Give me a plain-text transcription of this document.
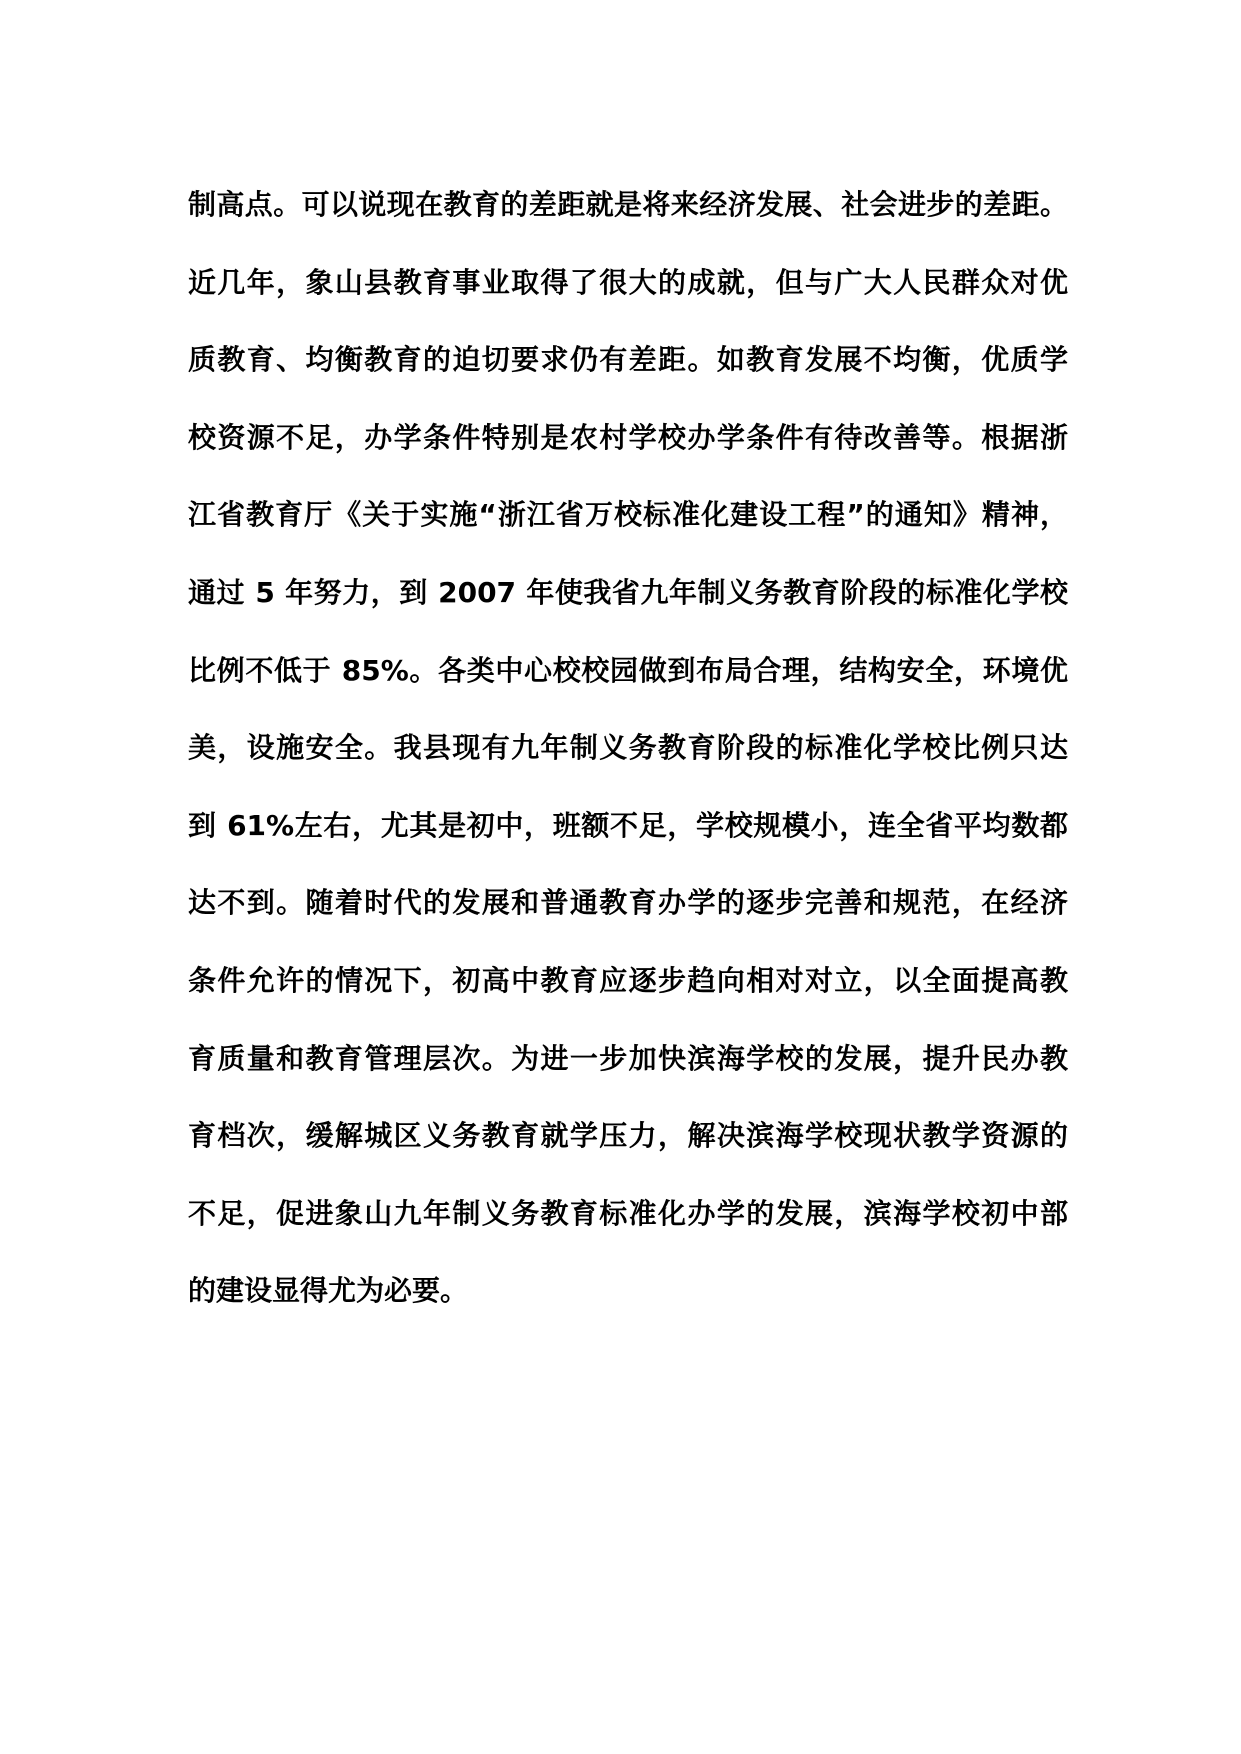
制高点。可以说现在教育的差距就是将来经济发展、社会进步的差距。
近几年，象山县教育事业取得了很大的成就，但与广大人民群众对优
质教育、均衡教育的迫切要求仍有差距。如教育发展不均衡，优质学
校资源不足，办学条件特别是农村学校办学条件有待改善等。根据浙
江省教育厅《关于实施“浙江省万校标准化建设工程”的通知》精神，
通过 5 年努力，到 2007 年使我省九年制义务教育阶段的标准化学校
比例不低于 85%。各类中心校校园做到布局合理，结构安全，环境优
美，设施安全。我县现有九年制义务教育阶段的标准化学校比例只达
到 61%左右，尤其是初中，班额不足，学校规模小，连全省平均数都
达不到。随着时代的发展和普通教育办学的逐步完善和规范，在经济
条件允许的情况下，初高中教育应逐步趋向相对对立，以全面提高教
育质量和教育管理层次。为进一步加快滨海学校的发展，提升民办教
育档次，缓解城区义务教育就学压力，解决滨海学校现状教学资源的
不足，促进象山九年制义务教育标准化办学的发展，滨海学校初中部
的建设显得尤为必要。
